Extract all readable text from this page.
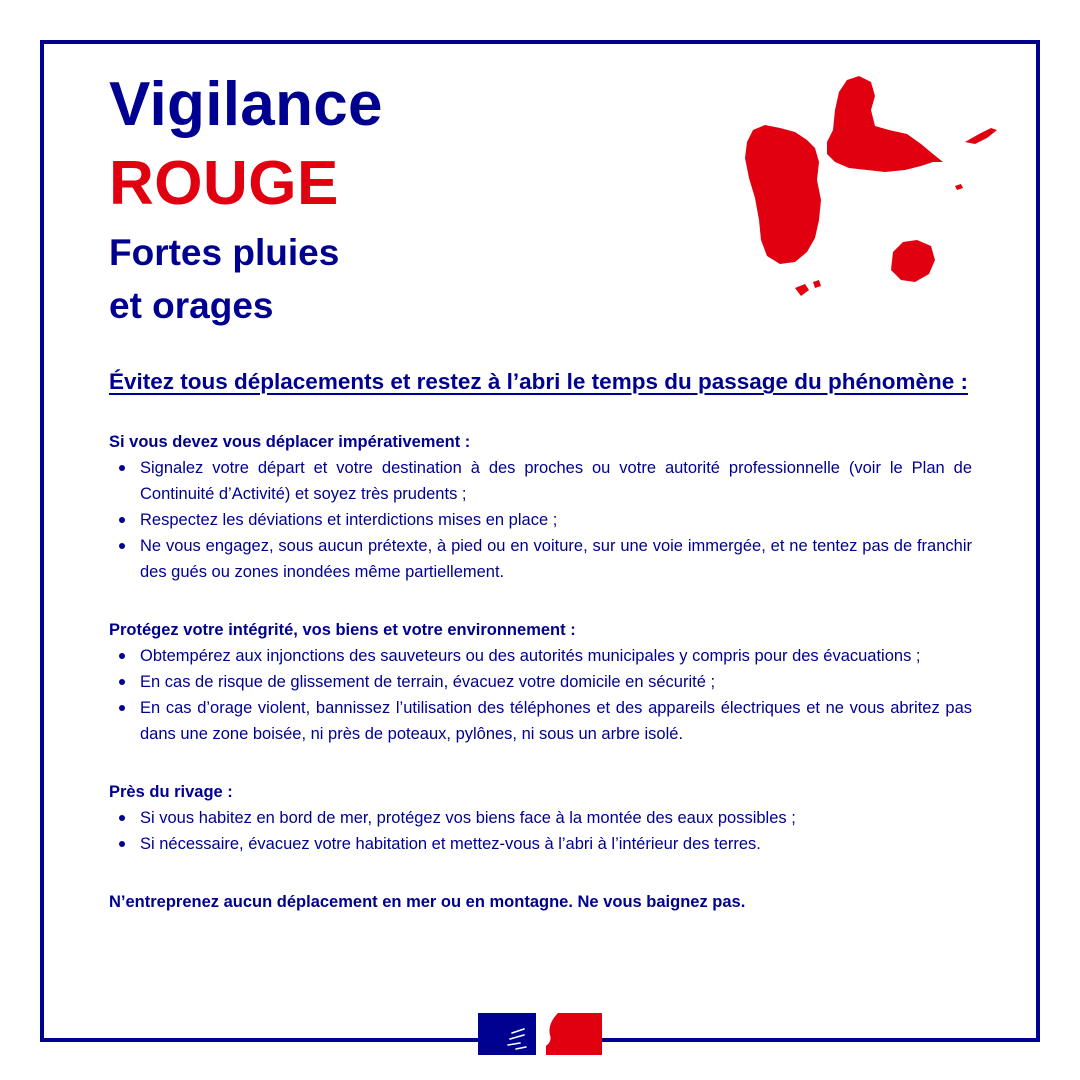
Vigilance
ROUGE
Fortes pluies
et orages

Évitez tous déplacements et restez à l’abri le temps du passage du phénomène :

Si vous devez vous déplacer impérativement :

Signalez votre départ et votre destination à des proches ou votre autorité professionnelle (voir le Plan de Continuité d’Activité) et soyez très prudents ;
Respectez les déviations et interdictions mises en place ;
Ne vous engagez, sous aucun prétexte, à pied ou en voiture, sur une voie immergée, et ne tentez pas de franchir des gués ou zones inondées même partiellement.

Protégez votre intégrité, vos biens et votre environnement :

Obtempérez aux injonctions des sauveteurs ou des autorités municipales y compris pour des évacuations ;
En cas de risque de glissement de terrain, évacuez votre domicile en sécurité ;
En cas d’orage violent, bannissez l’utilisation des téléphones et des appareils électriques et ne vous abritez pas dans une zone boisée, ni près de poteaux, pylônes, ni sous un arbre isolé.

Près du rivage :

Si vous habitez en bord de mer, protégez vos biens face à la montée des eaux possibles ;
Si nécessaire, évacuez votre habitation et mettez-vous à l’abri à l’intérieur des terres.

N’entreprenez aucun déplacement en mer ou en montagne. Ne vous baignez pas.
